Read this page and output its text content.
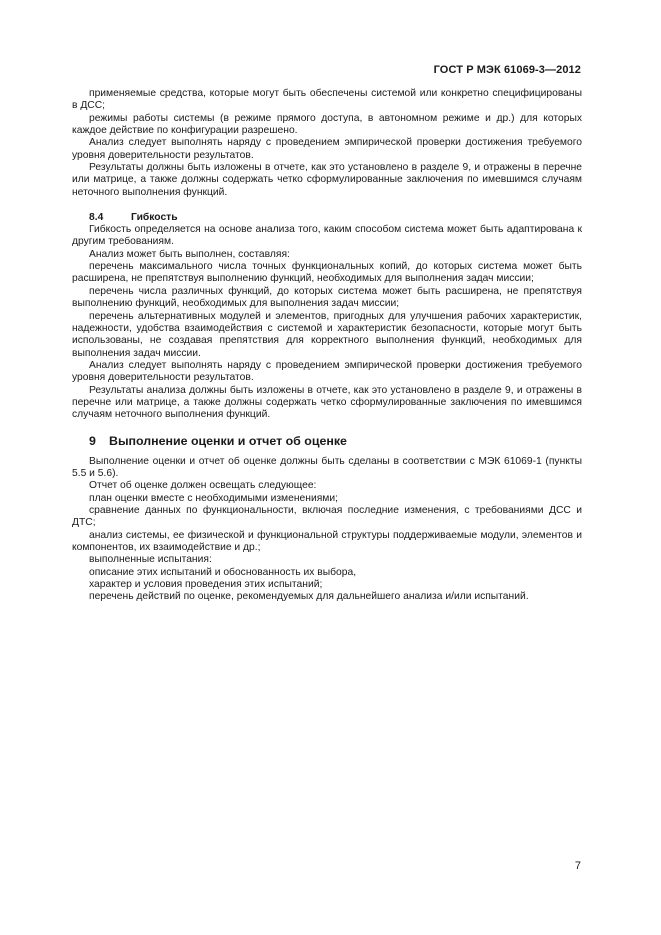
ГОСТ Р МЭК 61069-3—2012

применяемые средства, которые могут быть обеспечены системой или конкретно специфицированы в ДСС;

режимы работы системы (в режиме прямого доступа, в автономном режиме и др.) для которых каждое действие по конфигурации разрешено.

Анализ следует выполнять наряду с проведением эмпирической проверки достижения требуемого уровня доверительности результатов.

Результаты должны быть изложены в отчете, как это установлено в разделе 9, и отражены в перечне или матрице, а также должны содержать четко сформулированные заключения по имевшимся случаям неточного выполнения функций.

8.4	Гибкость

Гибкость определяется на основе анализа того, каким способом система может быть адаптирована к другим требованиям.

Анализ может быть выполнен, составляя:

перечень максимального числа точных функциональных копий, до которых система может быть расширена, не препятствуя выполнению функций, необходимых для выполнения задач миссии;

перечень числа различных функций, до которых система может быть расширена, не препятствуя выполнению функций, необходимых для выполнения задач миссии;

перечень альтернативных модулей и элементов, пригодных для улучшения рабочих характеристик, надежности, удобства взаимодействия с системой и характеристик безопасности, которые могут быть использованы, не создавая препятствия для корректного выполнения функций, необходимых для выполнения задач миссии.

Анализ следует выполнять наряду с проведением эмпирической проверки достижения требуемого уровня доверительности результатов.

Результаты анализа должны быть изложены в отчете, как это установлено в разделе 9, и отражены в перечне или матрице, а также должны содержать четко сформулированные заключения по имевшимся случаям неточного выполнения функций.

9 Выполнение оценки и отчет об оценке

Выполнение оценки и отчет об оценке должны быть сделаны в соответствии с МЭК 61069-1 (пункты 5.5 и 5.6).

Отчет об оценке должен освещать следующее:

план оценки вместе с необходимыми изменениями;

сравнение данных по функциональности, включая последние изменения, с требованиями ДСС и ДТС;

анализ системы, ее физической и функциональной структуры поддерживаемые модули, элементов и компонентов, их взаимодействие и др.;

выполненные испытания:

описание этих испытаний и обоснованность их выбора,

характер и условия проведения этих испытаний;

перечень действий по оценке, рекомендуемых для дальнейшего анализа и/или испытаний.

7
